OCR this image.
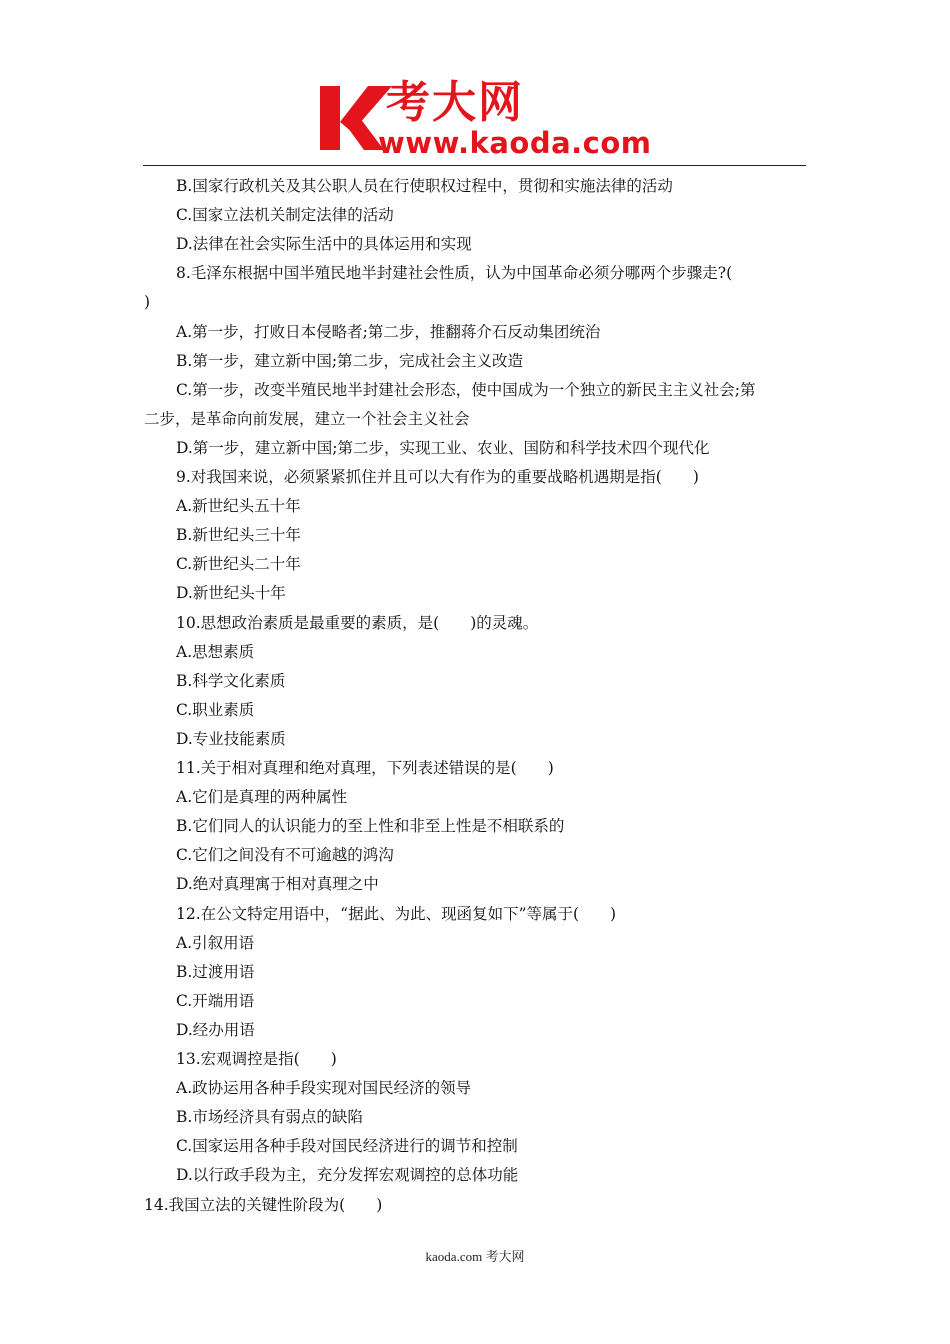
考大网
www.kaoda.com
B.国家行政机关及其公职人员在行使职权过程中，贯彻和实施法律的活动
C.国家立法机关制定法律的活动
D.法律在社会实际生活中的具体运用和实现
8.毛泽东根据中国半殖民地半封建社会性质，认为中国革命必须分哪两个步骤走?(
)
A.第一步，打败日本侵略者;第二步，推翻蒋介石反动集团统治
B.第一步，建立新中国;第二步，完成社会主义改造
C.第一步，改变半殖民地半封建社会形态，使中国成为一个独立的新民主主义社会;第
二步，是革命向前发展，建立一个社会主义社会
D.第一步，建立新中国;第二步，实现工业、农业、国防和科学技术四个现代化
9.对我国来说，必须紧紧抓住并且可以大有作为的重要战略机遇期是指(　　)
A.新世纪头五十年
B.新世纪头三十年
C.新世纪头二十年
D.新世纪头十年
10.思想政治素质是最重要的素质，是(　　)的灵魂。
A.思想素质
B.科学文化素质
C.职业素质
D.专业技能素质
11.关于相对真理和绝对真理，下列表述错误的是(　　)
A.它们是真理的两种属性
B.它们同人的认识能力的至上性和非至上性是不相联系的
C.它们之间没有不可逾越的鸿沟
D.绝对真理寓于相对真理之中
12.在公文特定用语中，“据此、为此、现函复如下”等属于(　　)
A.引叙用语
B.过渡用语
C.开端用语
D.经办用语
13.宏观调控是指(　　)
A.政协运用各种手段实现对国民经济的领导
B.市场经济具有弱点的缺陷
C.国家运用各种手段对国民经济进行的调节和控制
D.以行政手段为主，充分发挥宏观调控的总体功能
14.我国立法的关键性阶段为(　　)
kaoda.com 考大网
